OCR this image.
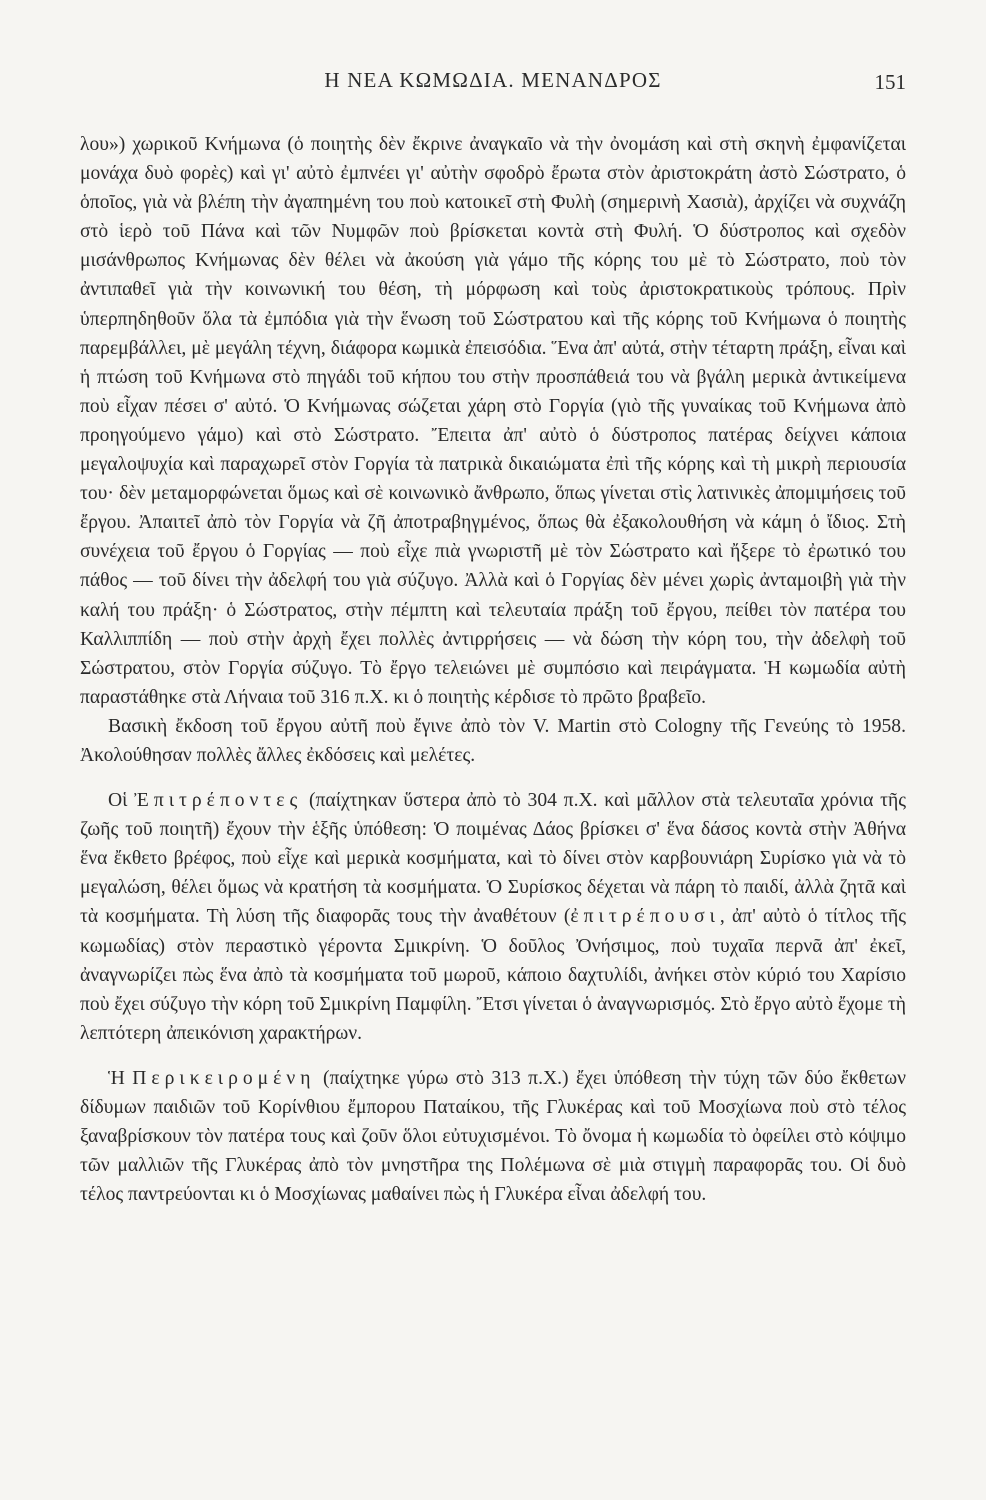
Η ΝΕΑ ΚΩΜΩΔΙΑ. ΜΕΝΑΝΔΡΟΣ	151

λου») χωρικοῦ Κνήμωνα (ὁ ποιητὴς δὲν ἔκρινε ἀναγκαῖο νὰ τὴν ὀνομάση καὶ στὴ σκηνὴ ἐμφανίζεται μονάχα δυὸ φορὲς) καὶ γι' αὐτὸ ἐμπνέει γι' αὐτὴν σφοδρὸ ἔρωτα στὸν ἀριστοκράτη ἀστὸ Σώστρατο, ὁ ὁποῖος, γιὰ νὰ βλέπη τὴν ἀγαπημένη του ποὺ κατοικεῖ στὴ Φυλὴ (σημερινὴ Χασιὰ), ἀρχίζει νὰ συχνάζη στὸ ἱερὸ τοῦ Πάνα καὶ τῶν Νυμφῶν ποὺ βρίσκεται κοντὰ στὴ Φυλή. Ὁ δύστροπος καὶ σχεδὸν μισάνθρωπος Κνήμωνας δὲν θέλει νὰ ἀκούση γιὰ γάμο τῆς κόρης του μὲ τὸ Σώστρατο, ποὺ τὸν ἀντιπαθεῖ γιὰ τὴν κοινωνική του θέση, τὴ μόρφωση καὶ τοὺς ἀριστοκρατικοὺς τρόπους. Πρὶν ὑπερπηδηθοῦν ὅλα τὰ ἐμπόδια γιὰ τὴν ἕνωση τοῦ Σώστρατου καὶ τῆς κόρης τοῦ Κνήμωνα ὁ ποιητὴς παρεμβάλλει, μὲ μεγάλη τέχνη, διάφορα κωμικὰ ἐπεισόδια. Ἕνα ἀπ' αὐτά, στὴν τέταρτη πράξη, εἶναι καὶ ἡ πτώση τοῦ Κνήμωνα στὸ πηγάδι τοῦ κήπου του στὴν προσπάθειά του νὰ βγάλη μερικὰ ἀντικείμενα ποὺ εἶχαν πέσει σ' αὐτό. Ὁ Κνήμωνας σώζεται χάρη στὸ Γοργία (γιὸ τῆς γυναίκας τοῦ Κνήμωνα ἀπὸ προηγούμενο γάμο) καὶ στὸ Σώστρατο. Ἔπειτα ἀπ' αὐτὸ ὁ δύστροπος πατέρας δείχνει κάποια μεγαλοψυχία καὶ παραχωρεῖ στὸν Γοργία τὰ πατρικὰ δικαιώματα ἐπὶ τῆς κόρης καὶ τὴ μικρὴ περιουσία του· δὲν μεταμορφώνεται ὅμως καὶ σὲ κοινωνικὸ ἄνθρωπο, ὅπως γίνεται στὶς λατινικὲς ἀπομιμήσεις τοῦ ἔργου. Ἀπαιτεῖ ἀπὸ τὸν Γοργία νὰ ζῆ ἀποτραβηγμένος, ὅπως θὰ ἐξακολουθήση νὰ κάμη ὁ ἴδιος. Στὴ συνέχεια τοῦ ἔργου ὁ Γοργίας — ποὺ εἶχε πιὰ γνωριστῆ μὲ τὸν Σώστρατο καὶ ἤξερε τὸ ἐρωτικό του πάθος — τοῦ δίνει τὴν ἀδελφή του γιὰ σύζυγο. Ἀλλὰ καὶ ὁ Γοργίας δὲν μένει χωρὶς ἀνταμοιβὴ γιὰ τὴν καλή του πράξη· ὁ Σώστρατος, στὴν πέμπτη καὶ τελευταία πράξη τοῦ ἔργου, πείθει τὸν πατέρα του Καλλιππίδη — ποὺ στὴν ἀρχὴ ἔχει πολλὲς ἀντιρρήσεις — νὰ δώση τὴν κόρη του, τὴν ἀδελφὴ τοῦ Σώστρατου, στὸν Γοργία σύζυγο. Τὸ ἔργο τελειώνει μὲ συμπόσιο καὶ πειράγματα. Ἡ κωμωδία αὐτὴ παραστάθηκε στὰ Λήναια τοῦ 316 π.Χ. κι ὁ ποιητὴς κέρδισε τὸ πρῶτο βραβεῖο.

Βασικὴ ἔκδοση τοῦ ἔργου αὐτῆ ποὺ ἔγινε ἀπὸ τὸν V. Martin στὸ Cologny τῆς Γενεύης τὸ 1958. Ἀκολούθησαν πολλὲς ἄλλες ἐκδόσεις καὶ μελέτες.

Οἱ Ἐπιτρέποντες (παίχτηκαν ὕστερα ἀπὸ τὸ 304 π.Χ. καὶ μᾶλλον στὰ τελευταῖα χρόνια τῆς ζωῆς τοῦ ποιητῆ) ἔχουν τὴν ἑξῆς ὑπόθεση: Ὁ ποιμένας Δάος βρίσκει σ' ἕνα δάσος κοντὰ στὴν Ἀθήνα ἕνα ἔκθετο βρέφος, ποὺ εἶχε καὶ μερικὰ κοσμήματα, καὶ τὸ δίνει στὸν καρβουνιάρη Συρίσκο γιὰ νὰ τὸ μεγαλώση, θέλει ὅμως νὰ κρατήση τὰ κοσμήματα. Ὁ Συρίσκος δέχεται νὰ πάρη τὸ παιδί, ἀλλὰ ζητᾶ καὶ τὰ κοσμήματα. Τὴ λύση τῆς διαφορᾶς τους τὴν ἀναθέτουν (ἐπιτρέπουσι, ἀπ' αὐτὸ ὁ τίτλος τῆς κωμωδίας) στὸν περαστικὸ γέροντα Σμικρίνη. Ὁ δοῦλος Ὀνήσιμος, ποὺ τυχαῖα περνᾶ ἀπ' ἐκεῖ, ἀναγνωρίζει πὼς ἕνα ἀπὸ τὰ κοσμήματα τοῦ μωροῦ, κάποιο δαχτυλίδι, ἀνήκει στὸν κύριό του Χαρίσιο ποὺ ἔχει σύζυγο τὴν κόρη τοῦ Σμικρίνη Παμφίλη. Ἔτσι γίνεται ὁ ἀναγνωρισμός. Στὸ ἔργο αὐτὸ ἔχομε τὴ λεπτότερη ἀπεικόνιση χαρακτήρων.

Ἡ Περικειρομένη (παίχτηκε γύρω στὸ 313 π.Χ.) ἔχει ὑπόθεση τὴν τύχη τῶν δύο ἔκθετων δίδυμων παιδιῶν τοῦ Κορίνθιου ἔμπορου Παταίκου, τῆς Γλυκέρας καὶ τοῦ Μοσχίωνα ποὺ στὸ τέλος ξαναβρίσκουν τὸν πατέρα τους καὶ ζοῦν ὅλοι εὐτυχισμένοι. Τὸ ὄνομα ἡ κωμωδία τὸ ὀφείλει στὸ κόψιμο τῶν μαλλιῶν τῆς Γλυκέρας ἀπὸ τὸν μνηστῆρα της Πολέμωνα σὲ μιὰ στιγμὴ παραφορᾶς του. Οἱ δυὸ τέλος παντρεύονται κι ὁ Μοσχίωνας μαθαίνει πὼς ἡ Γλυκέρα εἶναι ἀδελφή του.
